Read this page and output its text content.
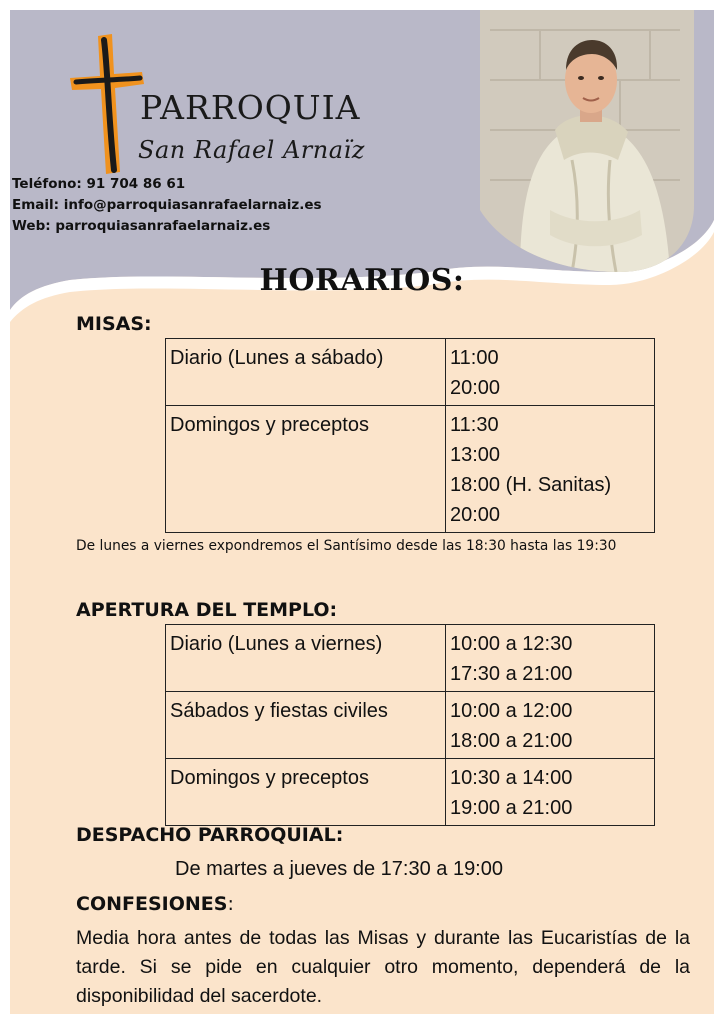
PARROQUIA
San Rafael Arnaïz
Teléfono: 91 704 86 61
Email: info@parroquiasanrafaelarnaiz.es
Web: parroquiasanrafaelarnaiz.es
HORARIOS:
MISAS:
Diario (Lunes a sábado)	11:00
20:00

Domingos y preceptos	11:30
13:00
18:00 (H. Sanitas)
20:00
De lunes a viernes expondremos el Santísimo desde las 18:30 hasta las 19:30
APERTURA DEL TEMPLO:
Diario (Lunes a viernes)	10:00 a 12:30
17:30 a 21:00

Sábados y fiestas civiles	10:00 a 12:00
18:00 a 21:00

Domingos y preceptos	10:30 a 14:00
19:00 a 21:00
DESPACHO PARROQUIAL:
De martes a jueves de 17:30 a 19:00
CONFESIONES:
Media hora antes de todas las Misas y durante las Eucaristías de la tarde. Si se pide en cualquier otro momento, dependerá de la disponibilidad del sacerdote.
